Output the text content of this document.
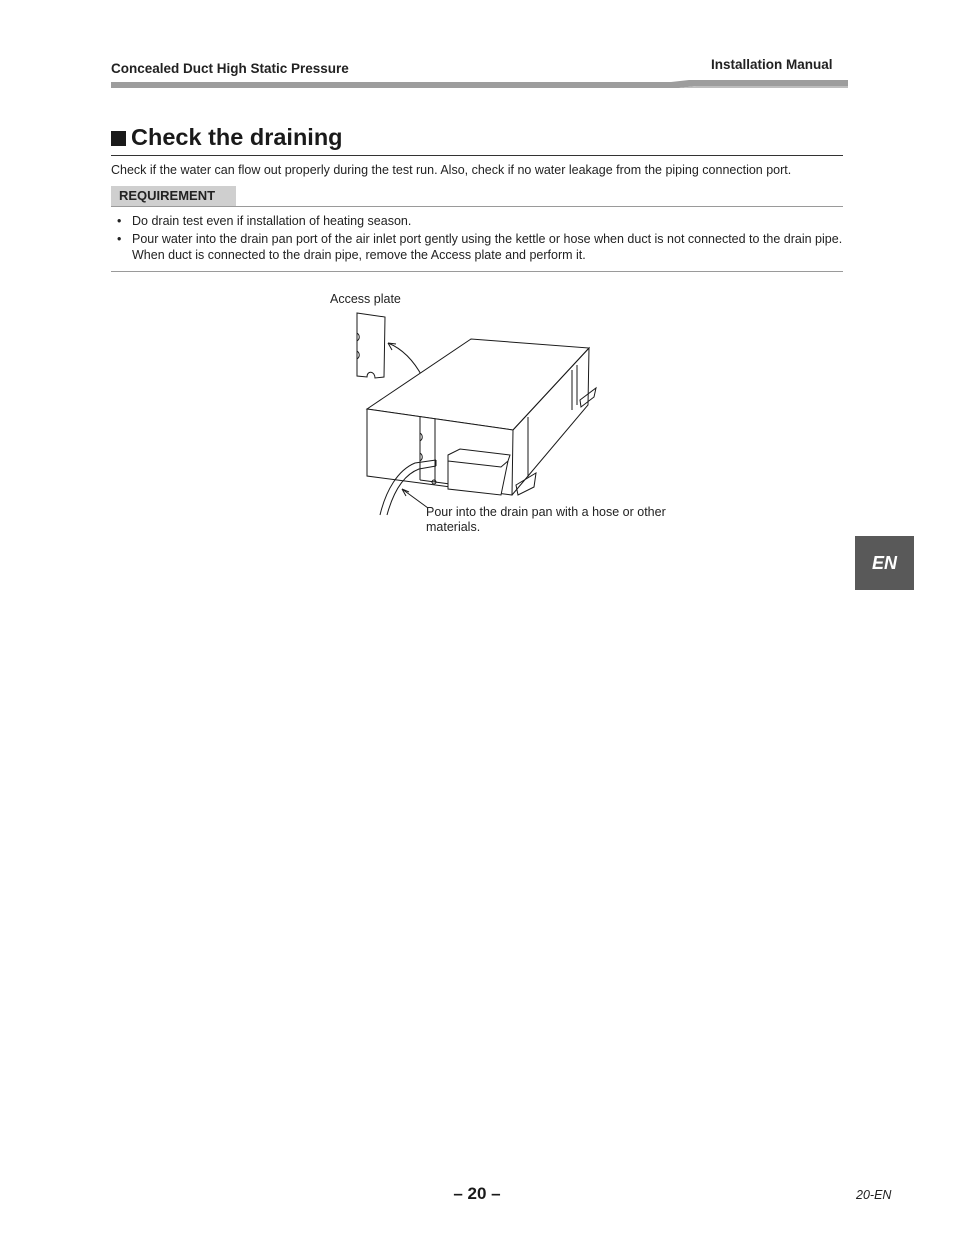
Concealed Duct High Static Pressure	Installation Manual
Check the draining
Check if the water can flow out properly during the test run. Also, check if no water leakage from the piping connection port.
REQUIREMENT
• Do drain test even if installation of heating season.
• Pour water into the drain pan port of the air inlet port gently using the kettle or hose when duct is not connected to the drain pipe. When duct is connected to the drain pipe, remove the Access plate and perform it.
Access plate
Pour into the drain pan with a hose or other materials.
EN
– 20 –	20-EN
